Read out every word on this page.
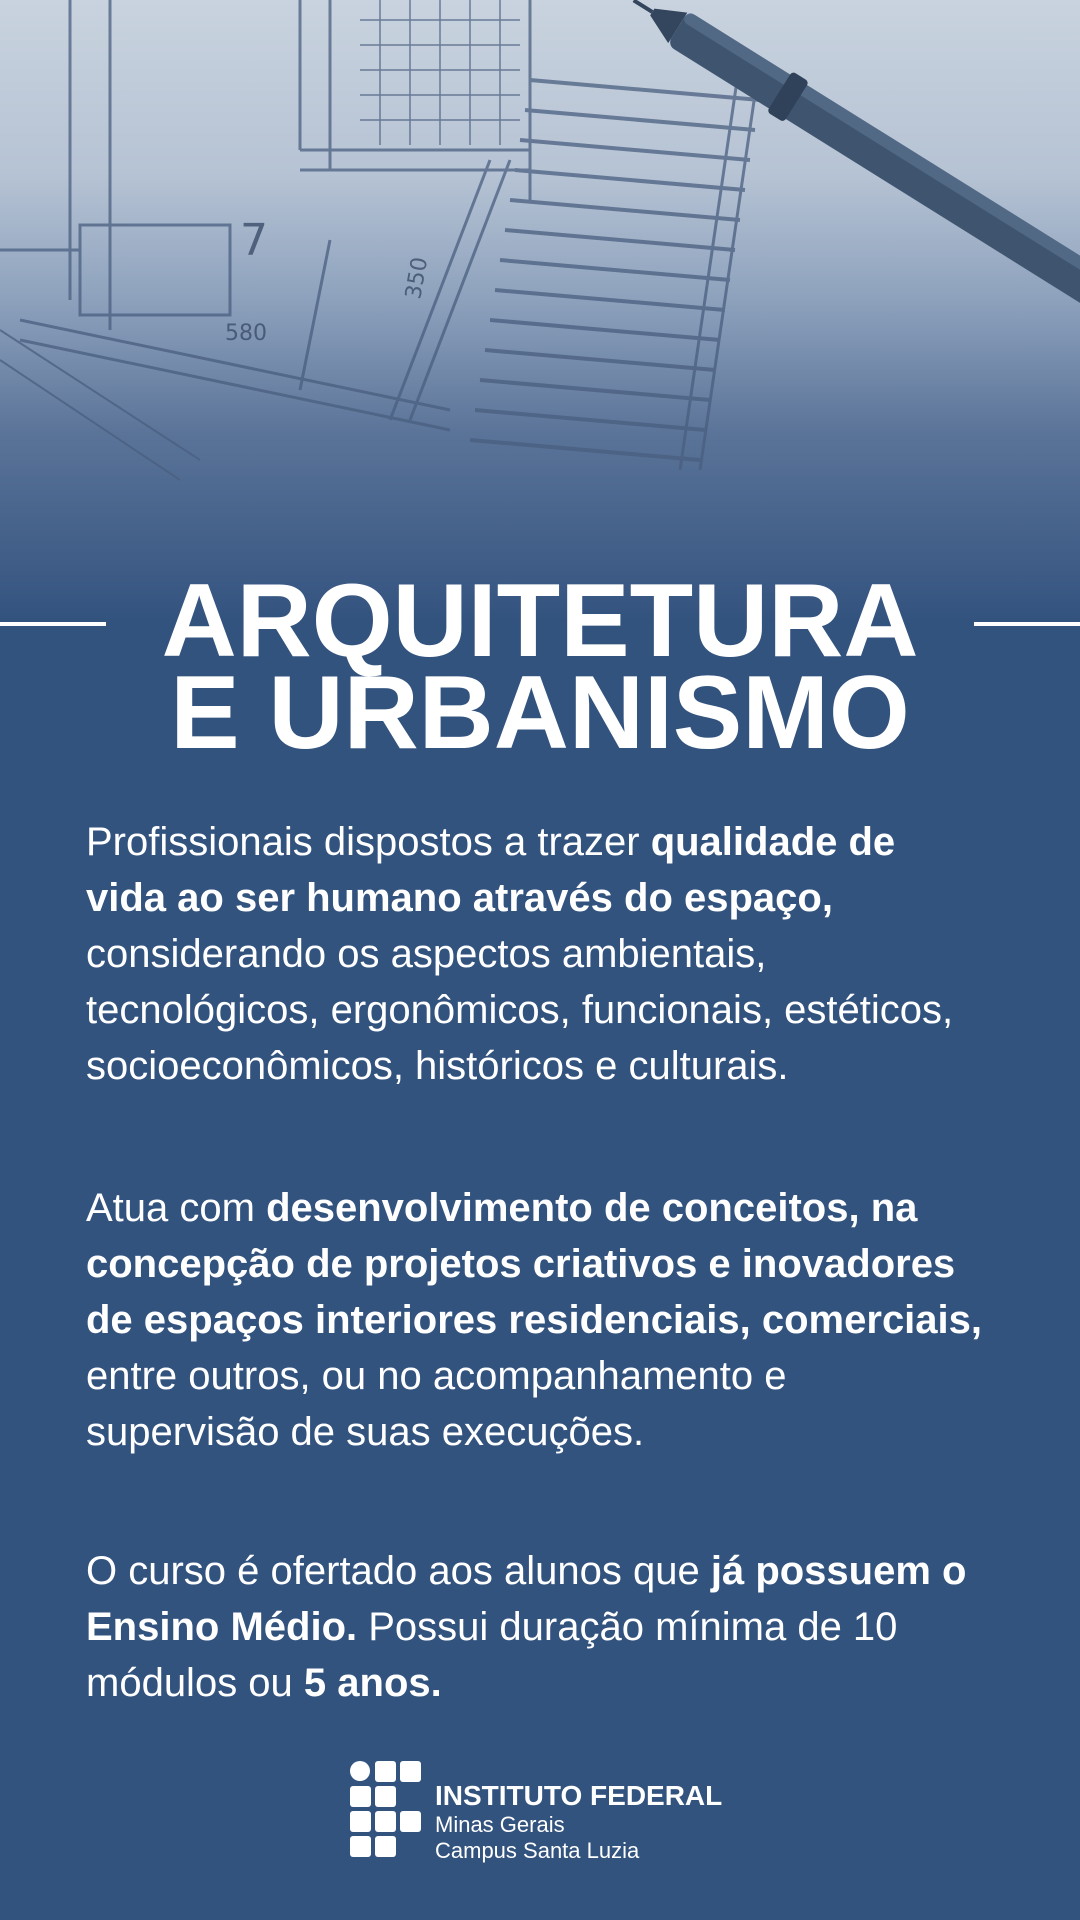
7
580
350
ARQUITETURA
E URBANISMO
Profissionais dispostos a trazer qualidade de vida ao ser humano através do espaço, considerando os aspectos ambientais, tecnológicos, ergonômicos, funcionais, estéticos, socioeconômicos, históricos e culturais.
Atua com desenvolvimento de conceitos, na concepção de projetos criativos e inovadores de espaços interiores residenciais, comerciais, entre outros, ou no acompanhamento e supervisão de suas execuções.
O curso é ofertado aos alunos que já possuem o Ensino Médio. Possui duração mínima de 10 módulos ou 5 anos.
INSTITUTO FEDERAL
Minas Gerais
Campus Santa Luzia
